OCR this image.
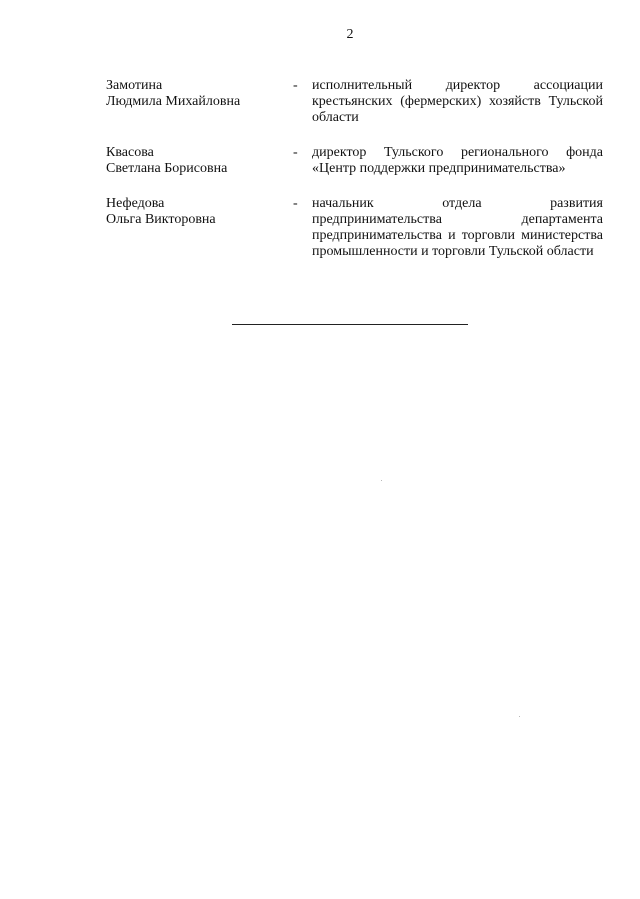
2
Замотина
Людмила Михайловна
- исполнительный директор ассоциации крестьянских (фермерских) хозяйств Тульской области
Квасова
Светлана Борисовна
- директор Тульского регионального фонда «Центр поддержки предпринимательства»
Нефедова
Ольга Викторовна
- начальник отдела развития предпринимательства департамента предпринимательства и торговли министерства промышленности и торговли Тульской области
